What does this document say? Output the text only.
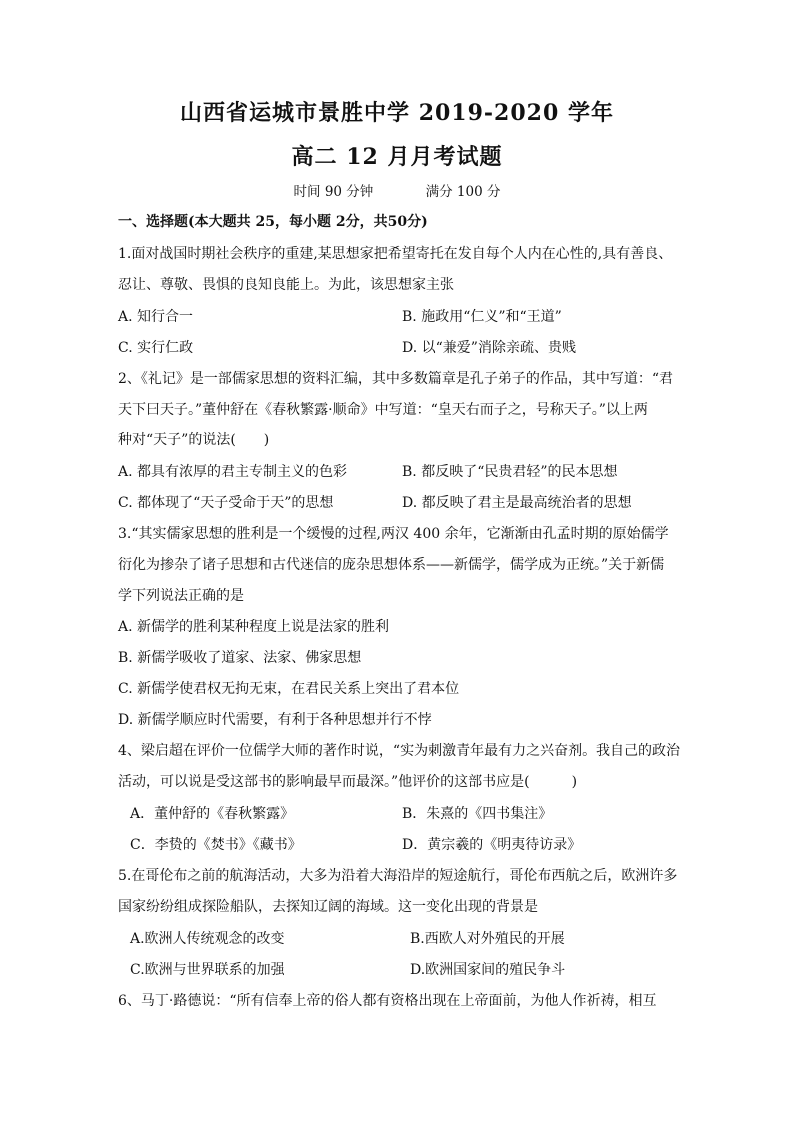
山西省运城市景胜中学 2019-2020 学年
高二 12 月月考试题
时间 90 分钟	满分 100 分
一、选择题(本大题共 25，每小题 2分，共50分)
1.面对战国时期社会秩序的重建,某思想家把希望寄托在发自每个人内在心性的,具有善良、
忍让、尊敬、畏惧的良知良能上。为此，该思想家主张
A. 知行合一	B. 施政用“仁义”和“王道”
C. 实行仁政	D. 以“兼爱”消除亲疏、贵贱
2、《礼记》是一部儒家思想的资料汇编，其中多数篇章是孔子弟子的作品，其中写道：“君
天下曰天子。”董仲舒在《春秋繁露·顺命》中写道：“皇天右而子之，号称天子。”以上两
种对“天子”的说法(　　)
A. 都具有浓厚的君主专制主义的色彩	B. 都反映了“民贵君轻”的民本思想
C. 都体现了“天子受命于天”的思想	D. 都反映了君主是最高统治者的思想
3.“其实儒家思想的胜利是一个缓慢的过程,两汉 400 余年，它渐渐由孔孟时期的原始儒学
衍化为掺杂了诸子思想和古代迷信的庞杂思想体系——新儒学，儒学成为正统。”关于新儒
学下列说法正确的是
A. 新儒学的胜利某种程度上说是法家的胜利
B. 新儒学吸收了道家、法家、佛家思想
C. 新儒学使君权无拘无束，在君民关系上突出了君本位
D. 新儒学顺应时代需要，有利于各种思想并行不悖
4、梁启超在评价一位儒学大师的著作时说，“实为刺激青年最有力之兴奋剂。我自己的政治
活动，可以说是受这部书的影响最早而最深。”他评价的这部书应是(　　　)
A．董仲舒的《春秋繁露》	B．朱熹的《四书集注》
C．李贽的《焚书》《藏书》	D．黄宗羲的《明夷待访录》
5.在哥伦布之前的航海活动，大多为沿着大海沿岸的短途航行，哥伦布西航之后，欧洲许多
国家纷纷组成探险船队，去探知辽阔的海域。这一变化出现的背景是
A.欧洲人传统观念的改变	B.西欧人对外殖民的开展
C.欧洲与世界联系的加强	D.欧洲国家间的殖民争斗
6、马丁·路德说：“所有信奉上帝的俗人都有资格出现在上帝面前，为他人作祈祷，相互
